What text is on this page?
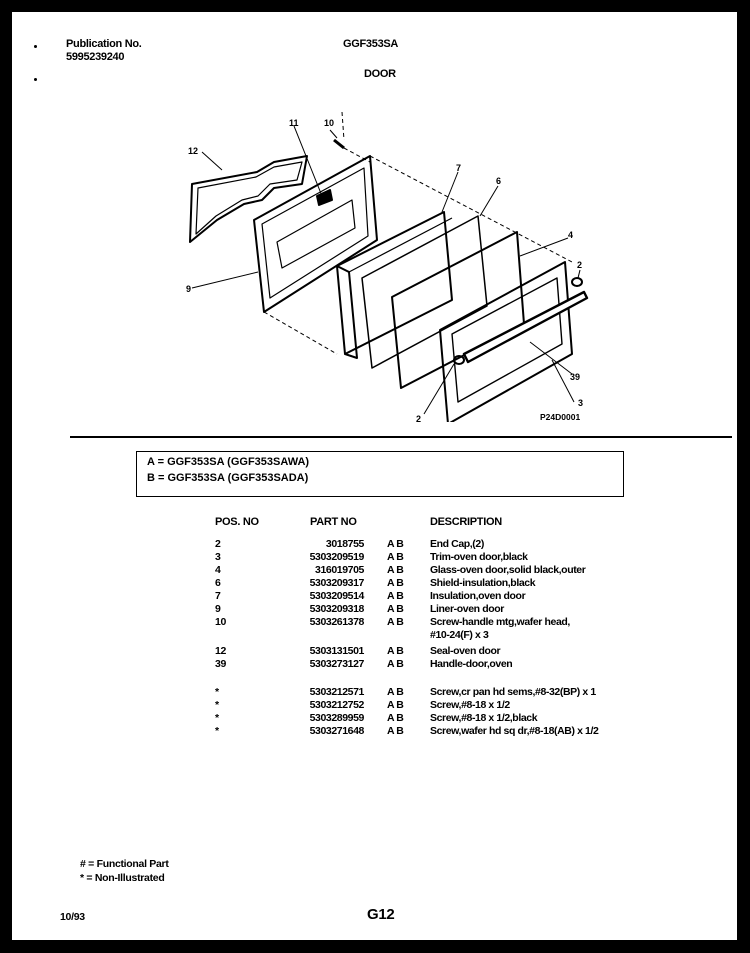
Publication No.
5995239240
GGF353SA
DOOR
12
11	10
7
6
4
2
9
39
3
2	P24D0001
A = GGF353SA (GGF353SAWA)
B = GGF353SA (GGF353SADA)
POS. NO	PART NO	DESCRIPTION
2	3018755 A B	End Cap,(2)
3	5303209519 A B	Trim-oven door,black
4	316019705 A B	Glass-oven door,solid black,outer
6	5303209317 A B	Shield-insulation,black
7	5303209514 A B	Insulation,oven door
9	5303209318 A B	Liner-oven door
10	5303261378 A B	Screw-handle mtg,wafer head,
#10-24(F) x 3
12	5303131501 A B	Seal-oven door
39	5303273127 A B	Handle-door,oven
*	5303212571 A B	Screw,cr pan hd sems,#8-32(BP) x 1
*	5303212752 A B	Screw,#8-18 x 1/2
*	5303289959 A B	Screw,#8-18 x 1/2,black
*	5303271648 A B	Screw,wafer hd sq dr,#8-18(AB) x 1/2
# = Functional Part
* = Non-Illustrated
10/93	G12
